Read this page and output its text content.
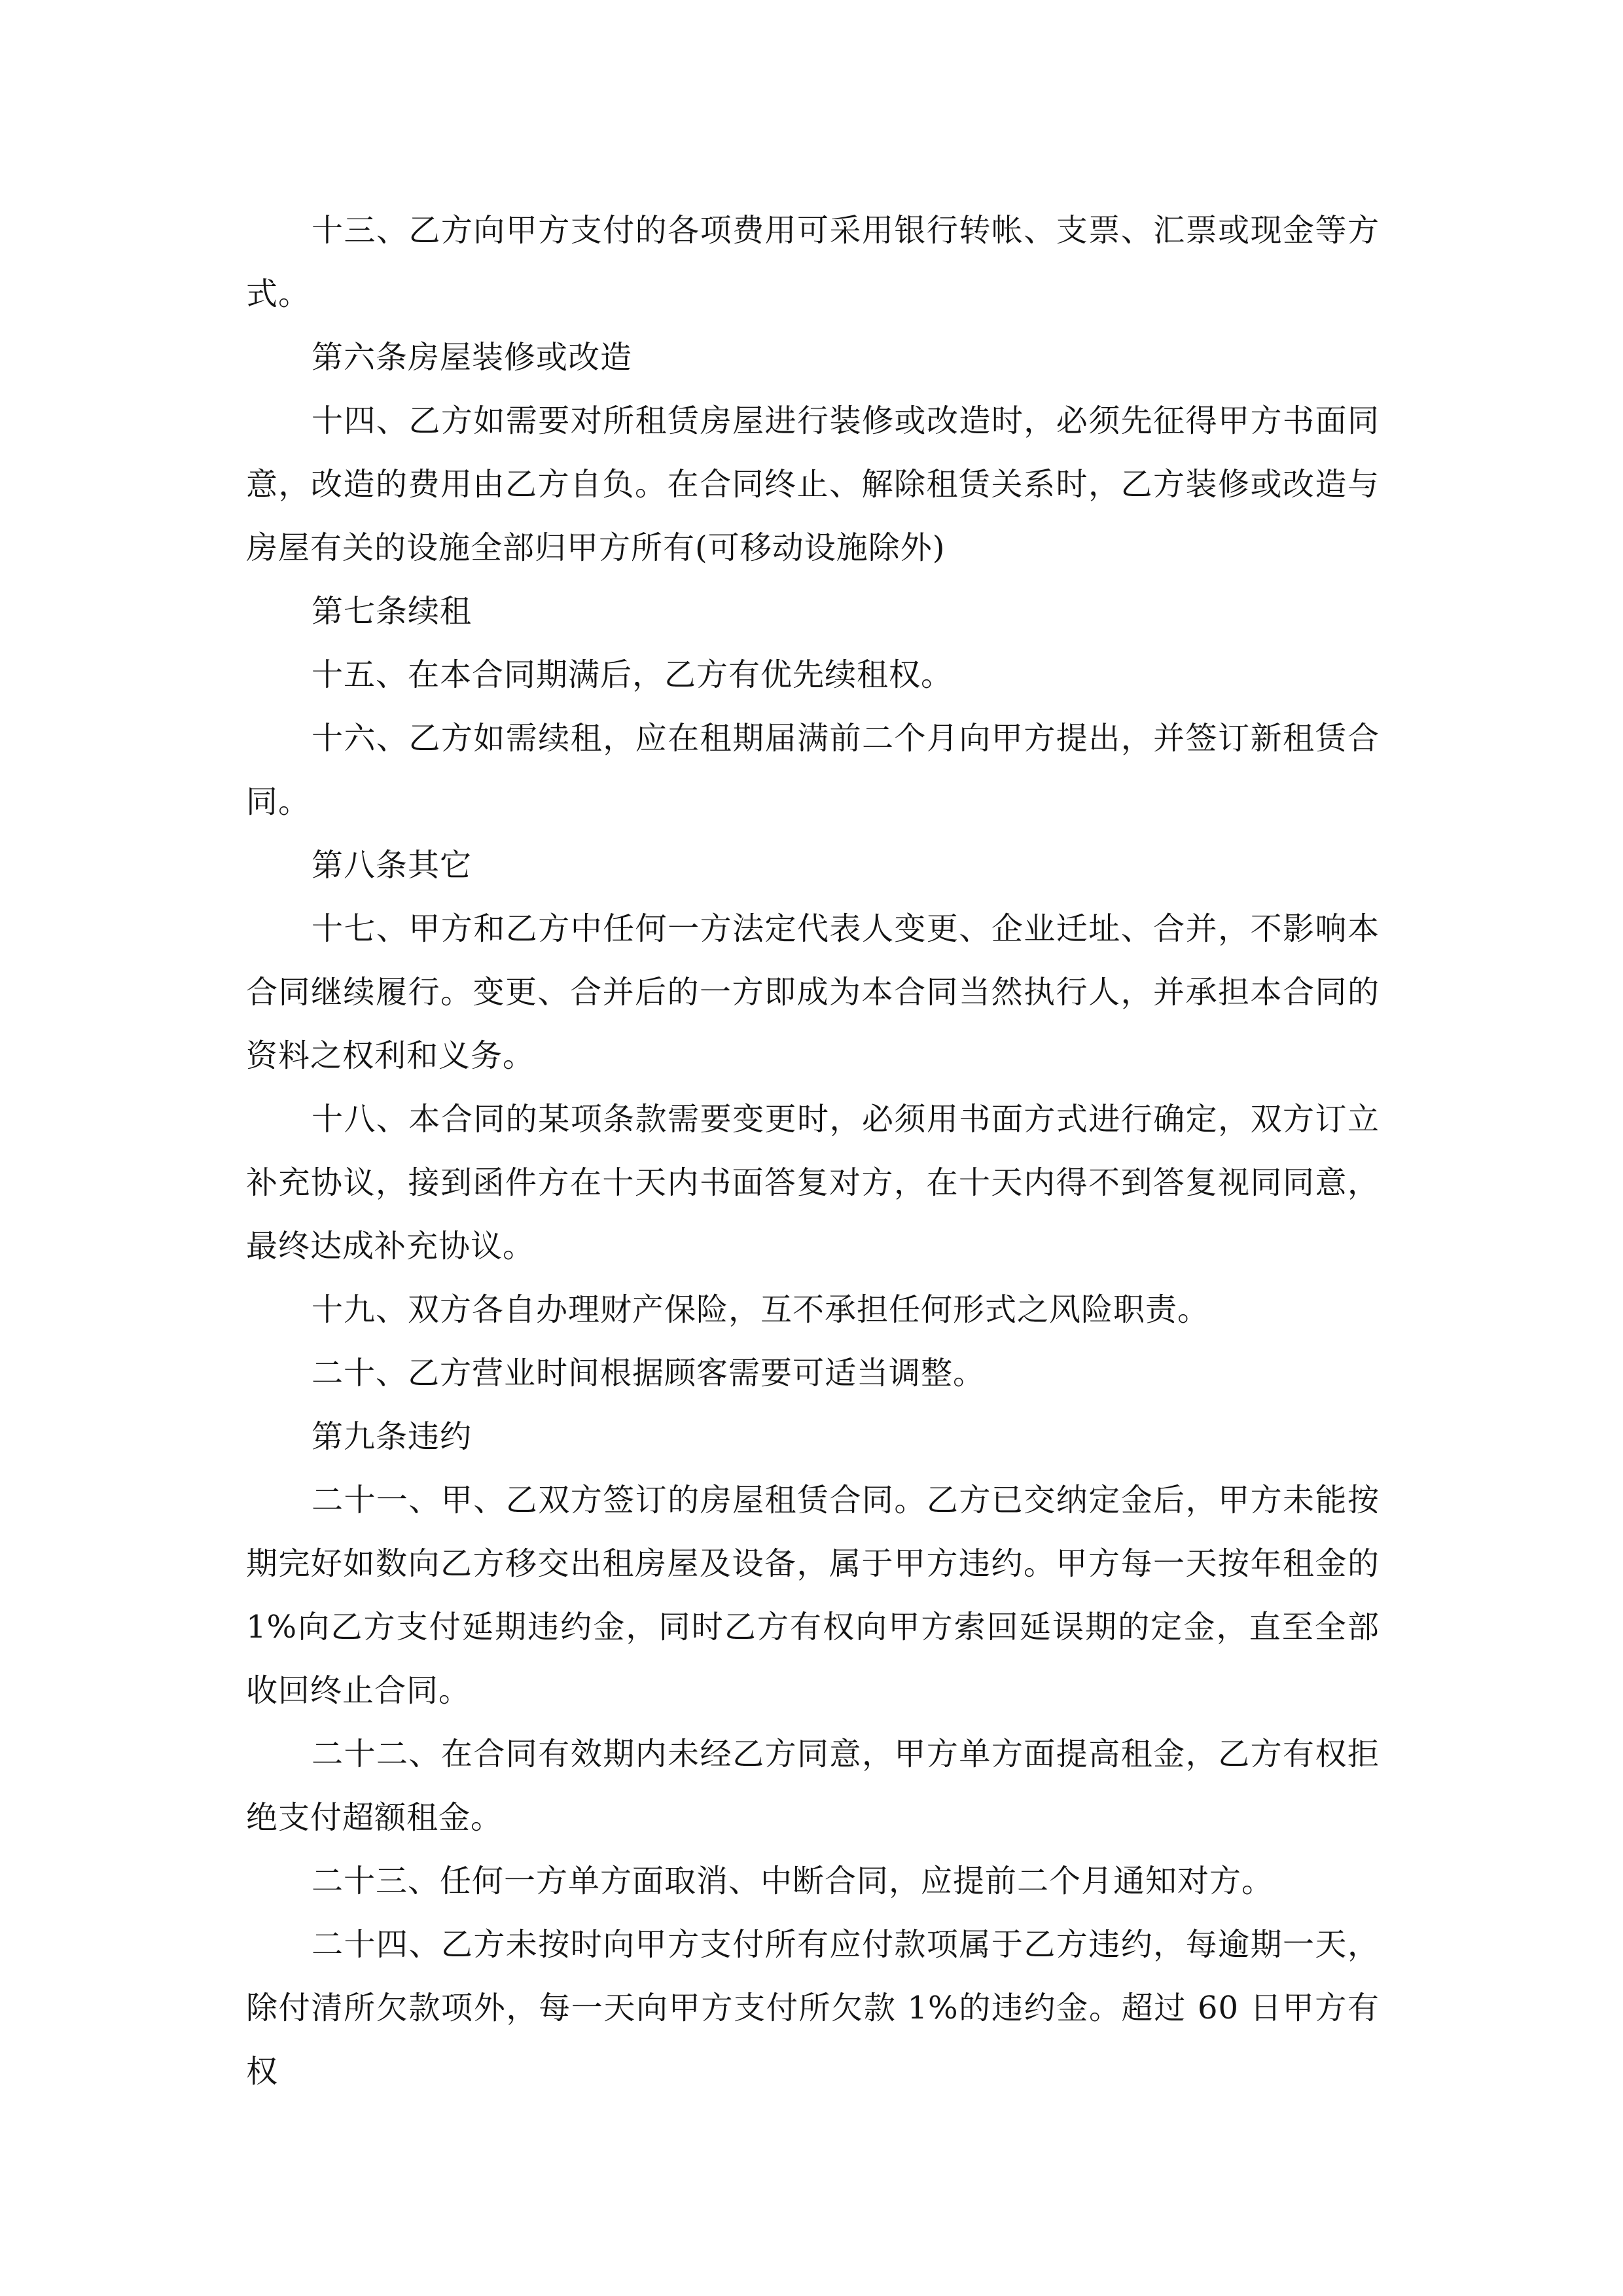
十三、乙方向甲方支付的各项费用可采用银行转帐、支票、汇票或现金等方式。

第六条房屋装修或改造

十四、乙方如需要对所租赁房屋进行装修或改造时，必须先征得甲方书面同意，改造的费用由乙方自负。在合同终止、解除租赁关系时，乙方装修或改造与房屋有关的设施全部归甲方所有(可移动设施除外)

第七条续租

十五、在本合同期满后，乙方有优先续租权。

十六、乙方如需续租，应在租期届满前二个月向甲方提出，并签订新租赁合同。

第八条其它

十七、甲方和乙方中任何一方法定代表人变更、企业迁址、合并，不影响本合同继续履行。变更、合并后的一方即成为本合同当然执行人，并承担本合同的资料之权利和义务。

十八、本合同的某项条款需要变更时，必须用书面方式进行确定，双方订立补充协议，接到函件方在十天内书面答复对方，在十天内得不到答复视同同意，最终达成补充协议。

十九、双方各自办理财产保险，互不承担任何形式之风险职责。

二十、乙方营业时间根据顾客需要可适当调整。

第九条违约

二十一、甲、乙双方签订的房屋租赁合同。乙方已交纳定金后，甲方未能按期完好如数向乙方移交出租房屋及设备，属于甲方违约。甲方每一天按年租金的1%向乙方支付延期违约金，同时乙方有权向甲方索回延误期的定金，直至全部收回终止合同。

二十二、在合同有效期内未经乙方同意，甲方单方面提高租金，乙方有权拒绝支付超额租金。

二十三、任何一方单方面取消、中断合同，应提前二个月通知对方。

二十四、乙方未按时向甲方支付所有应付款项属于乙方违约，每逾期一天，除付清所欠款项外，每一天向甲方支付所欠款 1%的违约金。超过 60 日甲方有权
